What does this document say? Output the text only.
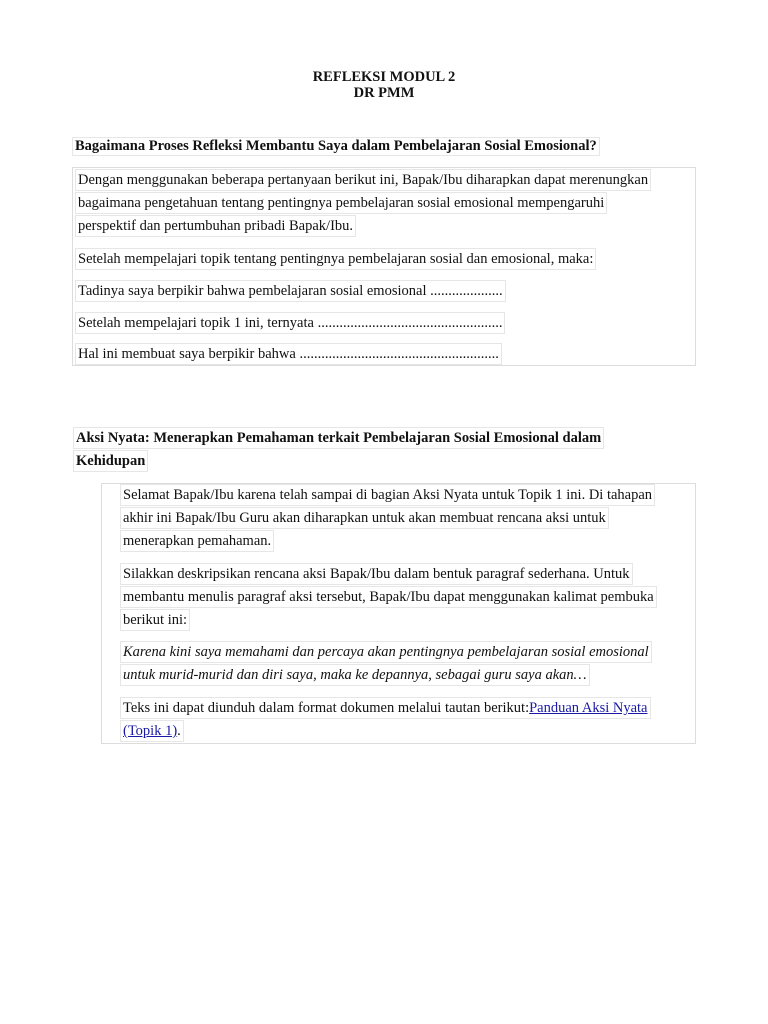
REFLEKSI MODUL 2
DR PMM
Bagaimana Proses Refleksi Membantu Saya dalam Pembelajaran Sosial Emosional?
Dengan menggunakan beberapa pertanyaan berikut ini, Bapak/Ibu diharapkan dapat merenungkan
bagaimana pengetahuan tentang pentingnya pembelajaran sosial emosional mempengaruhi
perspektif dan pertumbuhan pribadi Bapak/Ibu.
Setelah mempelajari topik tentang pentingnya pembelajaran sosial dan emosional, maka:
Tadinya saya berpikir bahwa pembelajaran sosial emosional ....................
Setelah mempelajari topik 1 ini, ternyata ...................................................
Hal ini membuat saya berpikir bahwa .......................................................
Aksi Nyata: Menerapkan Pemahaman terkait Pembelajaran Sosial Emosional dalam
Kehidupan
Selamat Bapak/Ibu karena telah sampai di bagian Aksi Nyata untuk Topik 1 ini. Di tahapan
akhir ini Bapak/Ibu Guru akan diharapkan untuk akan membuat rencana aksi untuk
menerapkan pemahaman.
Silakkan deskripsikan rencana aksi Bapak/Ibu dalam bentuk paragraf sederhana. Untuk
membantu menulis paragraf aksi tersebut, Bapak/Ibu dapat menggunakan kalimat pembuka
berikut ini:
Karena kini saya memahami dan percaya akan pentingnya pembelajaran sosial emosional
untuk murid-murid dan diri saya, maka ke depannya, sebagai guru saya akan…
Teks ini dapat diunduh dalam format dokumen melalui tautan berikut:Panduan Aksi Nyata
(Topik 1).
